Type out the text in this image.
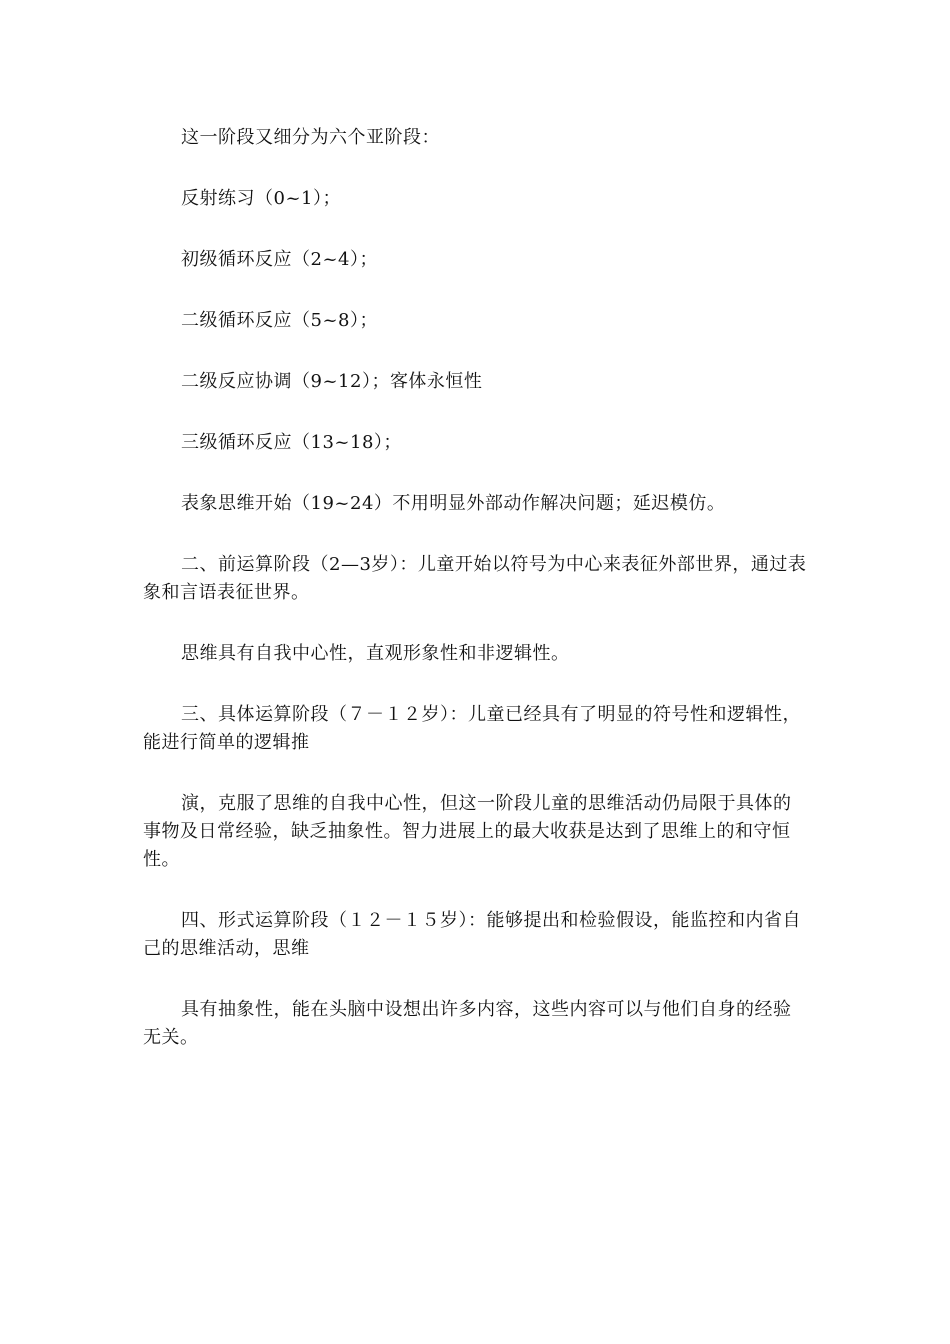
这一阶段又细分为六个亚阶段：

反射练习（0~1）；

初级循环反应（2~4）；

二级循环反应（5~8）；

二级反应协调（9~12）；客体永恒性

三级循环反应（13~18）；

表象思维开始（19~24）不用明显外部动作解决问题；延迟模仿。

二、前运算阶段（2—3岁）：儿童开始以符号为中心来表征外部世界，通过表象和言语表征世界。

思维具有自我中心性，直观形象性和非逻辑性。

三、具体运算阶段（７－１２岁）：儿童已经具有了明显的符号性和逻辑性，能进行简单的逻辑推

演，克服了思维的自我中心性，但这一阶段儿童的思维活动仍局限于具体的事物及日常经验，缺乏抽象性。智力进展上的最大收获是达到了思维上的和守恒性。

四、形式运算阶段（１２－１５岁）：能够提出和检验假设，能监控和内省自己的思维活动，思维

具有抽象性，能在头脑中设想出许多内容，这些内容可以与他们自身的经验无关。
